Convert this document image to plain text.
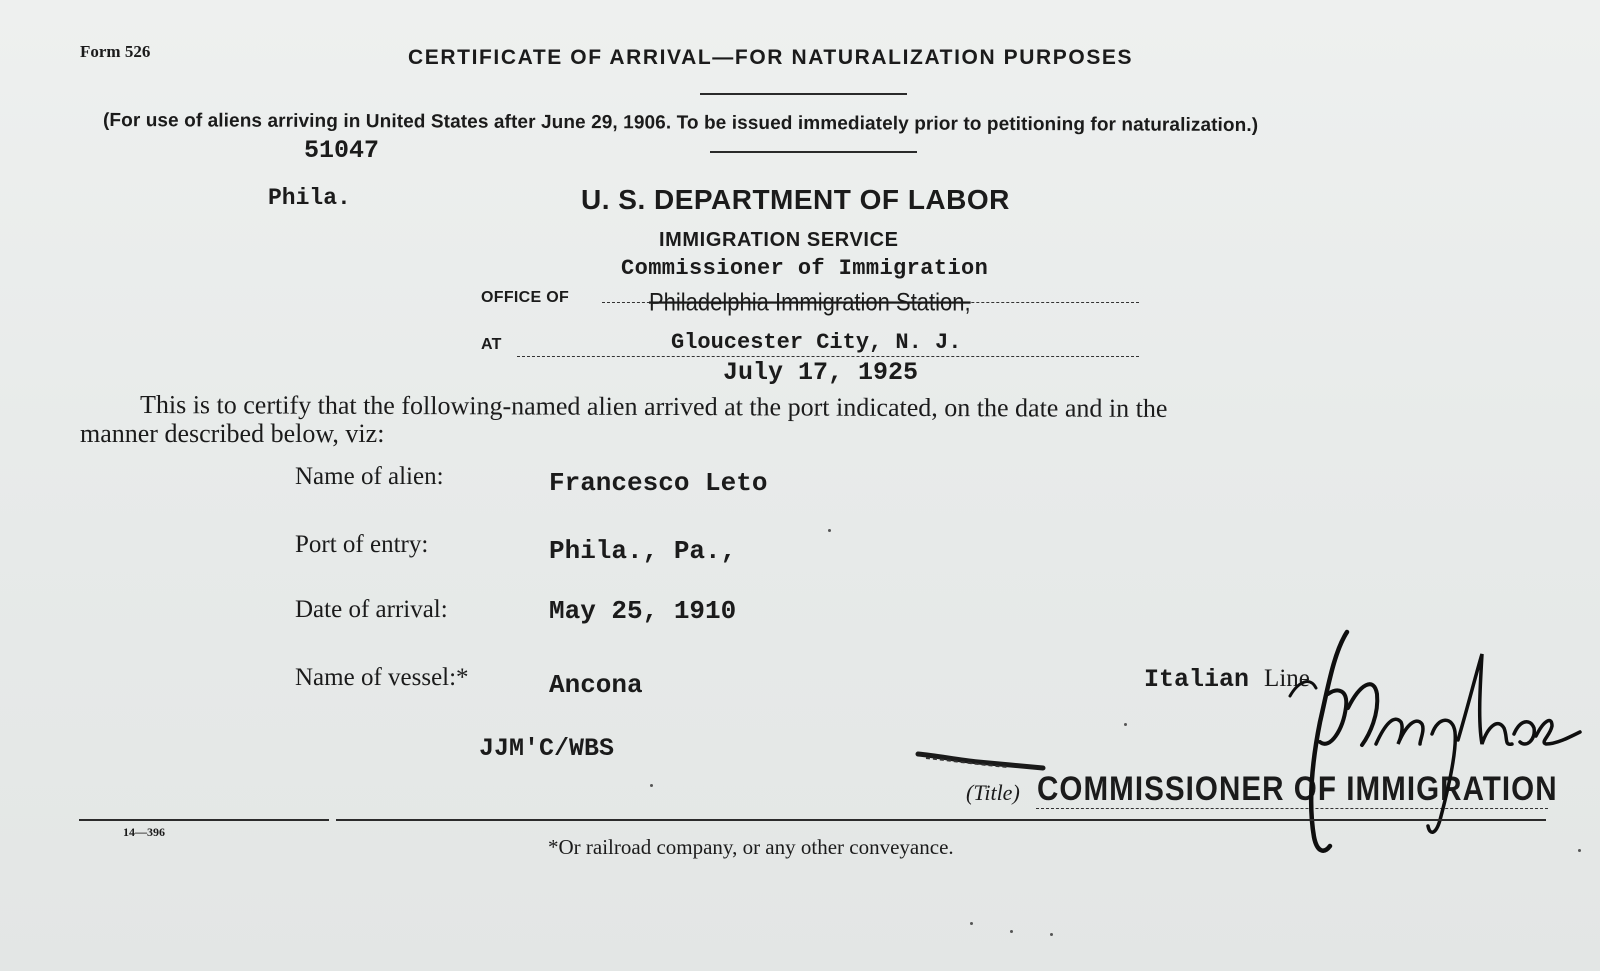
Form 526	CERTIFICATE OF ARRIVAL—FOR NATURALIZATION PURPOSES
(For use of aliens arriving in United States after June 29, 1906. To be issued immediately prior to petitioning for naturalization.)
51047
Phila.	U. S. DEPARTMENT OF LABOR
IMMIGRATION SERVICE
Commissioner of Immigration
OFFICE OF	Philadelphia Immigration Station,
AT	Gloucester City, N. J.
July 17, 1925
This is to certify that the following-named alien arrived at the port indicated, on the date and in the
manner described below, viz:
Name of alien:	Francesco Leto
Port of entry:	Phila., Pa.,
Date of arrival:	May 25, 1910
Name of vessel:*	Ancona	Italian Line
JJM'C/WBS
(Title) COMMISSIONER OF IMMIGRATION
14—396
*Or railroad company, or any other conveyance.
